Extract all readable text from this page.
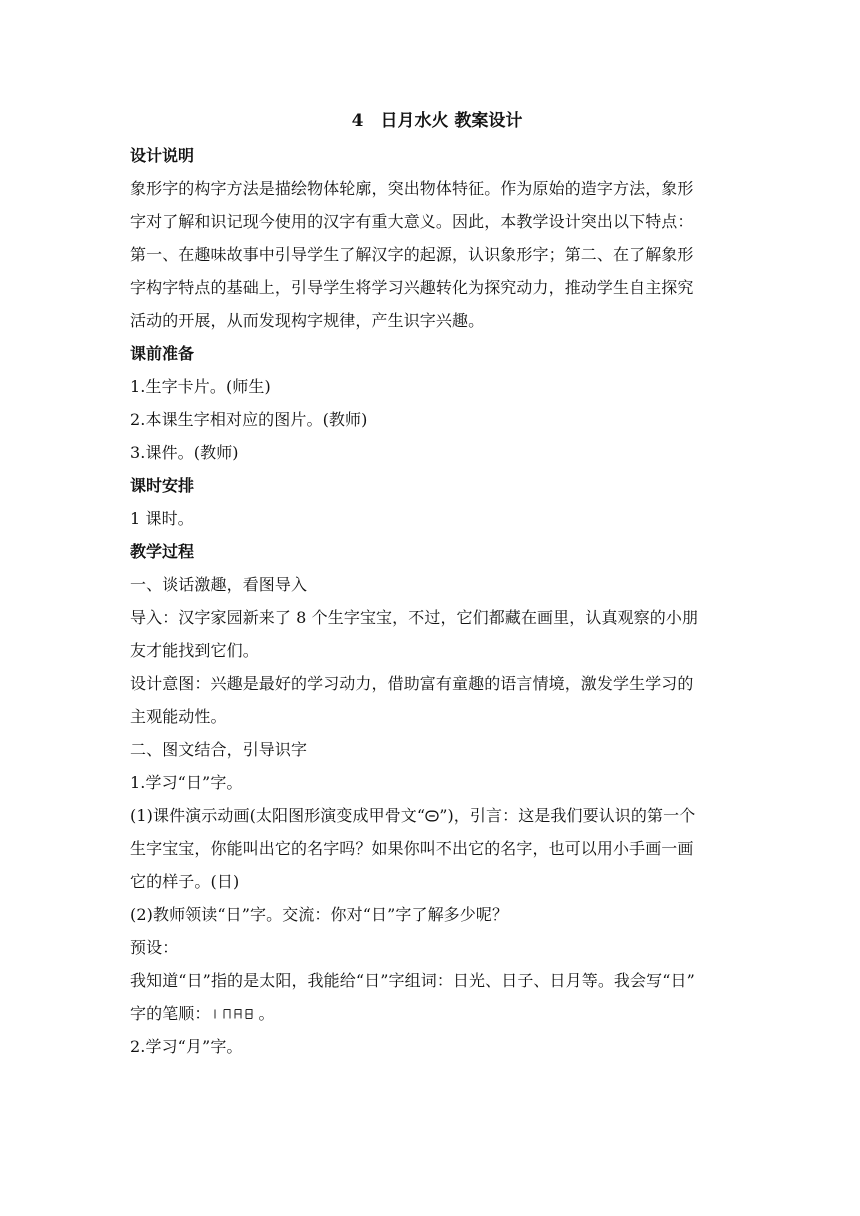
4　日月水火 教案设计
设计说明
象形字的构字方法是描绘物体轮廓，突出物体特征。作为原始的造字方法，象形
字对了解和识记现今使用的汉字有重大意义。因此，本教学设计突出以下特点：
第一、在趣味故事中引导学生了解汉字的起源，认识象形字；第二、在了解象形
字构字特点的基础上，引导学生将学习兴趣转化为探究动力，推动学生自主探究
活动的开展，从而发现构字规律，产生识字兴趣。
课前准备
1.生字卡片。(师生)
2.本课生字相对应的图片。(教师)
3.课件。(教师)
课时安排
1 课时。
教学过程
一、谈话激趣，看图导入
导入：汉字家园新来了 8 个生字宝宝，不过，它们都藏在画里，认真观察的小朋
友才能找到它们。
设计意图：兴趣是最好的学习动力，借助富有童趣的语言情境，激发学生学习的
主观能动性。
二、图文结合，引导识字
1.学习“日”字。
(1)课件演示动画(太阳图形演变成甲骨文“ ”)，引言：这是我们要认识的第一个
生字宝宝，你能叫出它的名字吗？如果你叫不出它的名字，也可以用小手画一画
它的样子。(日)
(2)教师领读“日”字。交流：你对“日”字了解多少呢？
预设：
我知道“日”指的是太阳，我能给“日”字组词：日光、日子、日月等。我会写“日”
字的笔顺：	。
2.学习“月”字。
